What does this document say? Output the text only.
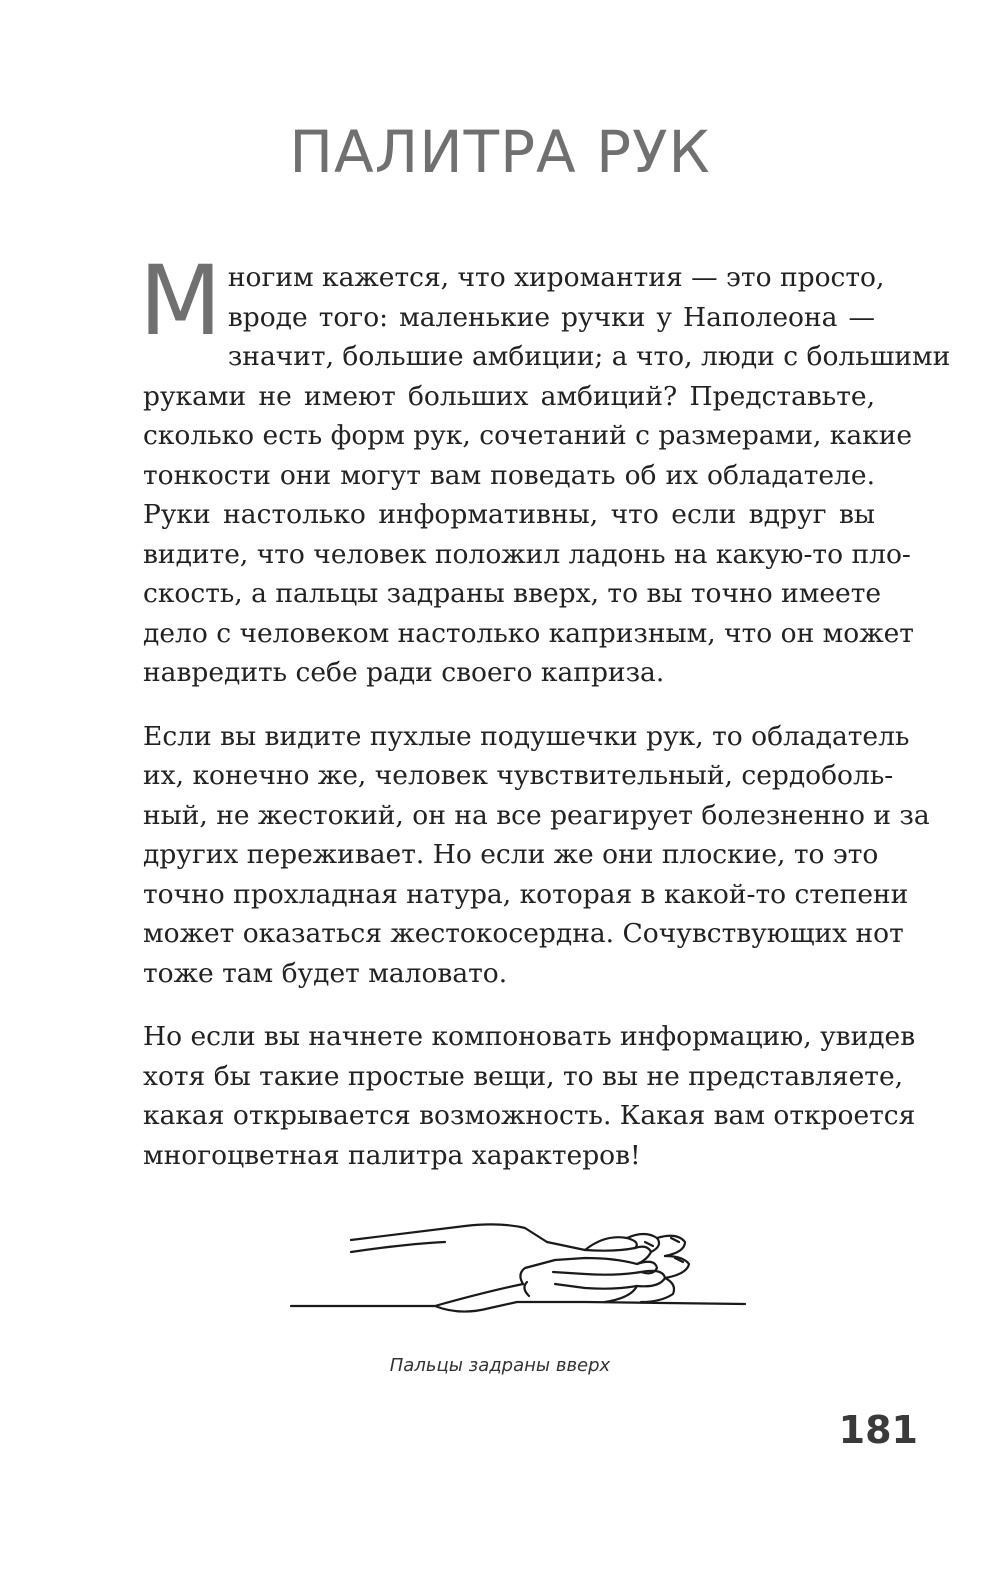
ПАЛИТРА РУК
М ногим кажется, что хиромантия — это просто,
вроде того: маленькие ручки у Наполеона —
значит, большие амбиции; а что, люди с большими
руками не имеют больших амбиций? Представьте,
сколько есть форм рук, сочетаний с размерами, какие
тонкости они могут вам поведать об их обладателе.
Руки настолько информативны, что если вдруг вы
видите, что человек положил ладонь на какую-то пло-
скость, а пальцы задраны вверх, то вы точно имеете
дело с человеком настолько капризным, что он может
навредить себе ради своего каприза.
Если вы видите пухлые подушечки рук, то обладатель
их, конечно же, человек чувствительный, сердоболь-
ный, не жестокий, он на все реагирует болезненно и за
других переживает. Но если же они плоские, то это
точно прохладная натура, которая в какой-то степени
может оказаться жестокосердна. Сочувствующих нот
тоже там будет маловато.
Но если вы начнете компоновать информацию, увидев
хотя бы такие простые вещи, то вы не представляете,
какая открывается возможность. Какая вам откроется
многоцветная палитра характеров!
Пальцы задраны вверх
181
